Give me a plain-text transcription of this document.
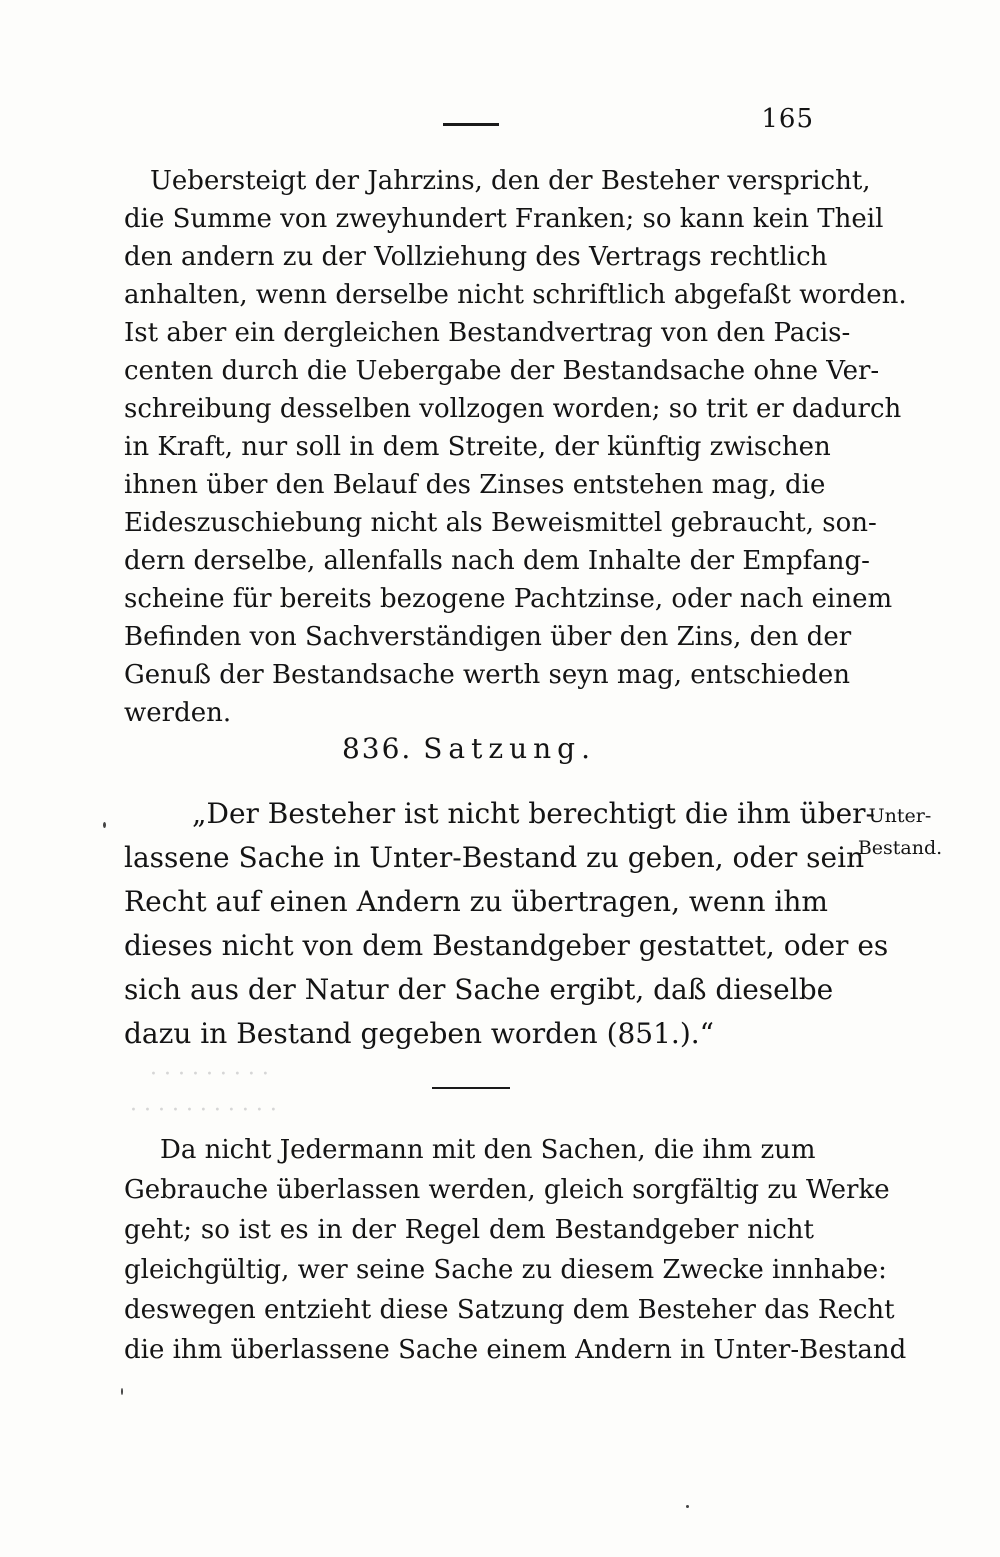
165
Uebersteigt der Jahrzins, den der Besteher verspricht,
die Summe von zweyhundert Franken; so kann kein Theil
den andern zu der Vollziehung des Vertrags rechtlich
anhalten, wenn derselbe nicht schriftlich abgefaßt worden.
Ist aber ein dergleichen Bestandvertrag von den Pacis-
centen durch die Uebergabe der Bestandsache ohne Ver-
schreibung desselben vollzogen worden; so trit er dadurch
in Kraft, nur soll in dem Streite, der künftig zwischen
ihnen über den Belauf des Zinses entstehen mag, die
Eideszuschiebung nicht als Beweismittel gebraucht, son-
dern derselbe, allenfalls nach dem Inhalte der Empfang-
scheine für bereits bezogene Pachtzinse, oder nach einem
Befinden von Sachverständigen über den Zins, den der
Genuß der Bestandsache werth seyn mag, entschieden
werden.
836. Satzung.
„Der Besteher ist nicht berechtigt die ihm über-
lassene Sache in Unter-Bestand zu geben, oder sein
Recht auf einen Andern zu übertragen, wenn ihm
dieses nicht von dem Bestandgeber gestattet, oder es
sich aus der Natur der Sache ergibt, daß dieselbe
dazu in Bestand gegeben worden (851.).“
Unter-
Bestand.
· · · · · · · · ·
· · · · · · · · · · ·
Da nicht Jedermann mit den Sachen, die ihm zum
Gebrauche überlassen werden, gleich sorgfältig zu Werke
geht; so ist es in der Regel dem Bestandgeber nicht
gleichgültig, wer seine Sache zu diesem Zwecke innhabe:
deswegen entzieht diese Satzung dem Besteher das Recht
die ihm überlassene Sache einem Andern in Unter-Bestand
